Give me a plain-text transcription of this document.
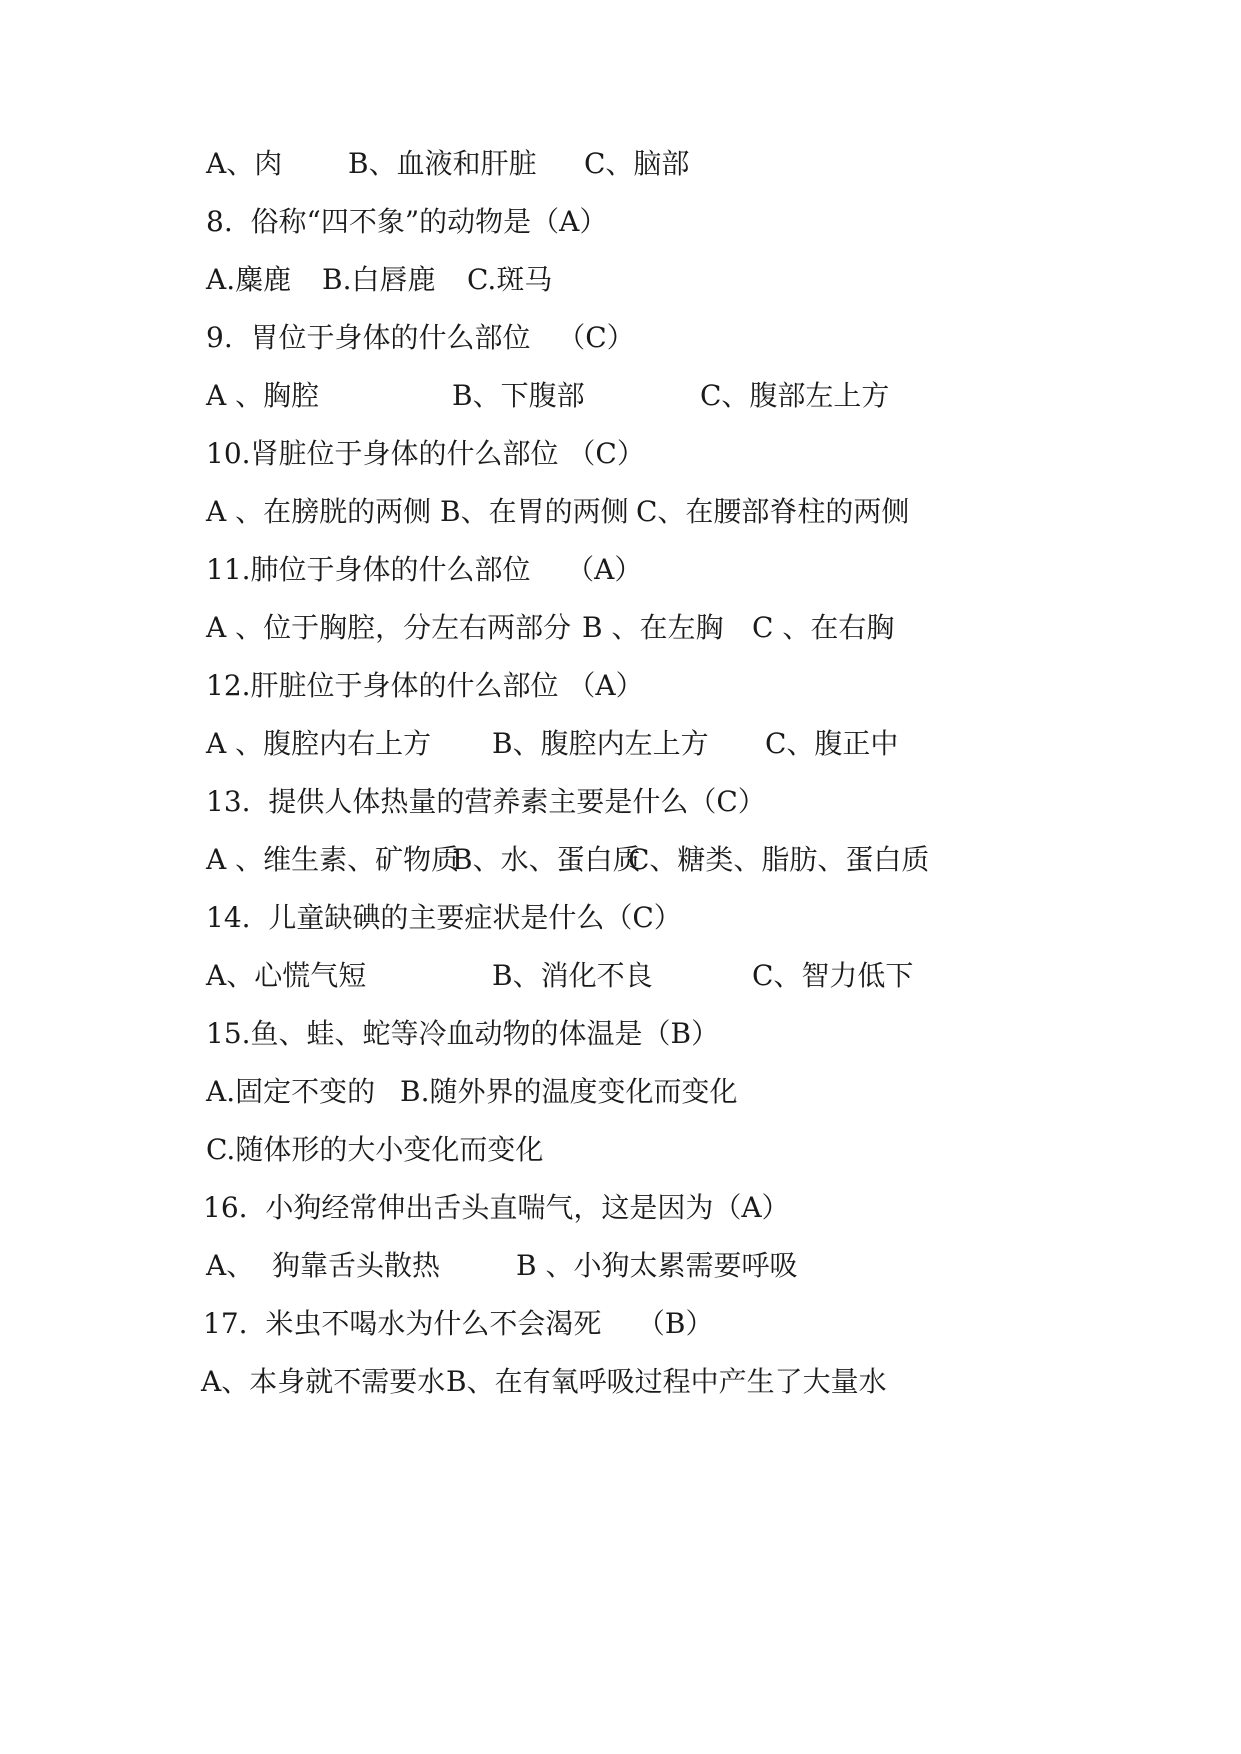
A、肉 B、血液和肝脏 C、脑部
8.  俗称“四不象”的动物是（A）
A.麋鹿 B.白唇鹿 C.斑马
9.  胃位于身体的什么部位   （C）
A 、胸腔	B、下腹部	C、腹部左上方
10.肾脏位于身体的什么部位 （C）
A 、在膀胱的两侧 B、在胃的两侧 C、在腰部脊柱的两侧
11.肺位于身体的什么部位    （A）
A 、位于胸腔，分左右两部分 B 、在左胸 C 、在右胸
12.肝脏位于身体的什么部位 （A）
A 、腹腔内右上方 B、腹腔内左上方 C、腹正中
13.  提供人体热量的营养素主要是什么（C）
A 、维生素、矿物质
B、水、蛋白质
C、糖类、脂肪、蛋白质
14.  儿童缺碘的主要症状是什么（C）
A、心慌气短	B、消化不良	C、智力低下
15.鱼、蛙、蛇等冷血动物的体温是（B）
A.固定不变的 B.随外界的温度变化而变化
C.随体形的大小变化而变化
16.  小狗经常伸出舌头直喘气，这是因为（A）
A、  狗靠舌头散热	B 、小狗太累需要呼吸
17.  米虫不喝水为什么不会渴死    （B）
A、本身就不需要水 B、在有氧呼吸过程中产生了大量水
